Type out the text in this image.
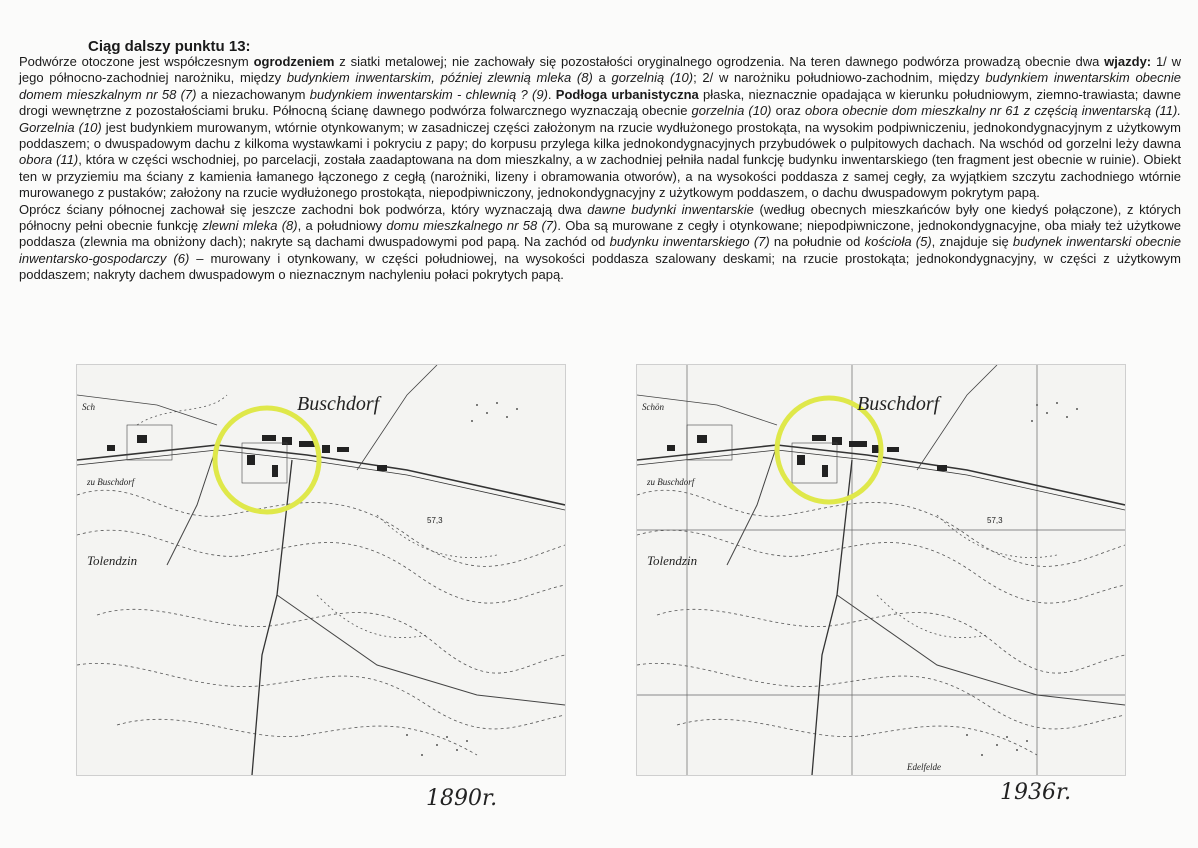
Ciąg dalszy punktu 13:

Podwórze otoczone jest współczesnym ogrodzeniem z siatki metalowej; nie zachowały się pozostałości oryginalnego ogrodzenia. Na teren dawnego podwórza prowadzą obecnie dwa wjazdy: 1/ w jego północno-zachodniej narożniku, między budynkiem inwentarskim, później zlewnią mleka (8) a gorzelnią (10); 2/ w narożniku południowo-zachodnim, między budynkiem inwentarskim obecnie domem mieszkalnym nr 58 (7) a niezachowanym budynkiem inwentarskim - chlewnią ? (9). Podłoga urbanistyczna płaska, nieznacznie opadająca w kierunku południowym, ziemno-trawiasta; dawne drogi wewnętrzne z pozostałościami bruku. Północną ścianę dawnego podwórza folwarcznego wyznaczają obecnie gorzelnia (10) oraz obora obecnie dom mieszkalny nr 61 z częścią inwentarską (11). Gorzelnia (10) jest budynkiem murowanym, wtórnie otynkowanym; w zasadniczej części założonym na rzucie wydłużonego prostokąta, na wysokim podpiwniczeniu, jednokondygnacyjnym z użytkowym poddaszem; o dwuspadowym dachu z kilkoma wystawkami i pokryciu z papy; do korpusu przylega kilka jednokondygnacyjnych przybudówek o pulpitowych dachach. Na wschód od gorzelni leży dawna obora (11), która w części wschodniej, po parcelacji, została zaadaptowana na dom mieszkalny, a w zachodniej pełniła nadal funkcję budynku inwentarskiego (ten fragment jest obecnie w ruinie). Obiekt ten w przyziemiu ma ściany z kamienia łamanego łączonego z cegłą (narożniki, lizeny i obramowania otworów), a na wysokości poddasza z samej cegły, za wyjątkiem szczytu zachodniego wtórnie murowanego z pustaków; założony na rzucie wydłużonego prostokąta, niepodpiwniczony, jednokondygnacyjny z użytkowym poddaszem, o dachu dwuspadowym pokrytym papą.

Oprócz ściany północnej zachował się jeszcze zachodni bok podwórza, który wyznaczają dwa dawne budynki inwentarskie (według obecnych mieszkańców były one kiedyś połączone), z których północny pełni obecnie funkcję zlewni mleka (8), a południowy domu mieszkalnego nr 58 (7). Oba są murowane z cegły i otynkowane; niepodpiwniczone, jednokondygnacyjne, oba miały też użytkowe poddasza (zlewnia ma obniżony dach); nakryte są dachami dwuspadowymi pod papą. Na zachód od budynku inwentarskiego (7) na południe od kościoła (5), znajduje się budynek inwentarski obecnie inwentarsko-gospodarczy (6) – murowany i otynkowany, w części południowej, na wysokości poddasza szalowany deskami; na rzucie prostokąta; jednokondygnacyjny, w części z użytkowym poddaszem; nakryty dachem dwuspadowym o nieznacznym nachyleniu połaci pokrytych papą.

Buschdorf
Tolendzin
zu Buschdorf
Sch
57,3
1890r.
Buschdorf
Tolendzin
zu Buschdorf
Schön
57,3
Edelfelde
1936r.
